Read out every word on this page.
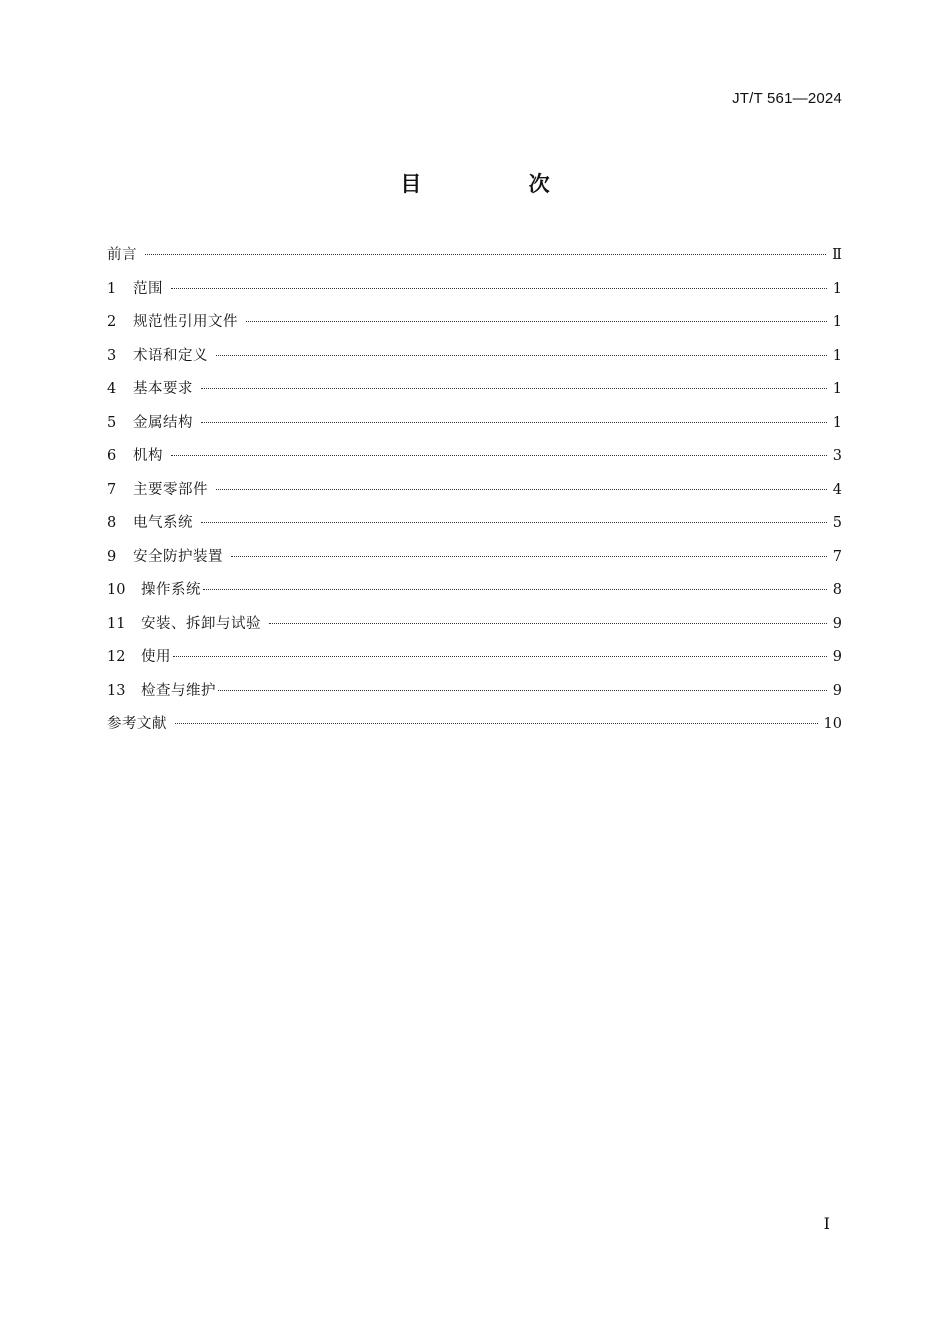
JT/T 561—2024
目 次
前言	Ⅱ
1	范围	1
2	规范性引用文件	1
3	术语和定义	1
4	基本要求	1
5	金属结构	1
6	机构	3
7	主要零部件	4
8	电气系统	5
9	安全防护装置	7
10	操作系统	8
11	安装、拆卸与试验	9
12	使用	9
13	检查与维护	9
参考文献	10
I
